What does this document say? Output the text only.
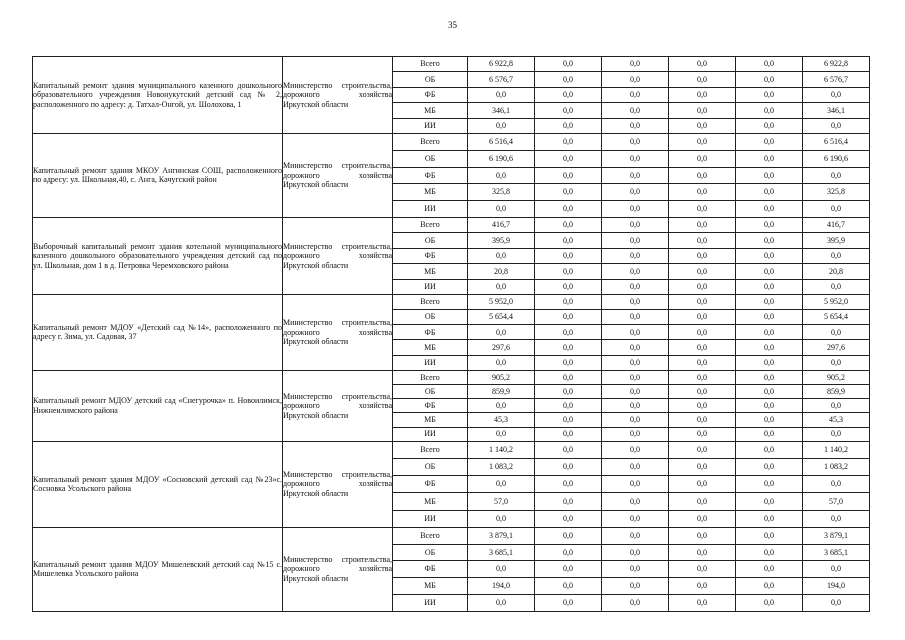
35
Капитальный ремонт здания муниципального казенного дошкольного образовательного учреждения Новонукутский детский сад № 2, расположенного по адресу: д. Татхал-Онгой, ул. Шолохова, 1	Министерство строительства, дорожного хозяйства Иркутской области	Всего	6 922,8	0,0	0,0	0,0	0,0	6 922,8
		ОБ	6 576,7	0,0	0,0	0,0	0,0	6 576,7
		ФБ	0,0	0,0	0,0	0,0	0,0	0,0
		МБ	346,1	0,0	0,0	0,0	0,0	346,1
		ИИ	0,0	0,0	0,0	0,0	0,0	0,0
Капитальный ремонт здания МКОУ Ангинская СОШ, расположенного по адресу: ул. Школьная,40, с. Анга, Качугский район	Министерство строительства, дорожного хозяйства Иркутской области	Всего	6 516,4	0,0	0,0	0,0	0,0	6 516,4
		ОБ	6 190,6	0,0	0,0	0,0	0,0	6 190,6
		ФБ	0,0	0,0	0,0	0,0	0,0	0,0
		МБ	325,8	0,0	0,0	0,0	0,0	325,8
		ИИ	0,0	0,0	0,0	0,0	0,0	0,0
Выборочный капитальный ремонт здания котельной муниципального казенного дошкольного образовательного учреждения детский сад по ул. Школьная, дом 1 в д. Петровка Черемховского района	Министерство строительства, дорожного хозяйства Иркутской области	Всего	416,7	0,0	0,0	0,0	0,0	416,7
		ОБ	395,9	0,0	0,0	0,0	0,0	395,9
		ФБ	0,0	0,0	0,0	0,0	0,0	0,0
		МБ	20,8	0,0	0,0	0,0	0,0	20,8
		ИИ	0,0	0,0	0,0	0,0	0,0	0,0
Капитальный ремонт МДОУ «Детский сад №14», расположенного по адресу г. Зима, ул. Садовая, 37	Министерство строительства, дорожного хозяйства Иркутской области	Всего	5 952,0	0,0	0,0	0,0	0,0	5 952,0
		ОБ	5 654,4	0,0	0,0	0,0	0,0	5 654,4
		ФБ	0,0	0,0	0,0	0,0	0,0	0,0
		МБ	297,6	0,0	0,0	0,0	0,0	297,6
		ИИ	0,0	0,0	0,0	0,0	0,0	0,0
Капитальный ремонт МДОУ детский сад «Снегурочка» п. Новоилимск, Нижнеилимского района	Министерство строительства, дорожного хозяйства Иркутской области	Всего	905,2	0,0	0,0	0,0	0,0	905,2
		ОБ	859,9	0,0	0,0	0,0	0,0	859,9
		ФБ	0,0	0,0	0,0	0,0	0,0	0,0
		МБ	45,3	0,0	0,0	0,0	0,0	45,3
		ИИ	0,0	0,0	0,0	0,0	0,0	0,0
Капитальный ремонт здания МДОУ «Сосновский детский сад №23»с. Сосновка Усольского района	Министерство строительства, дорожного хозяйства Иркутской области	Всего	1 140,2	0,0	0,0	0,0	0,0	1 140,2
		ОБ	1 083,2	0,0	0,0	0,0	0,0	1 083,2
		ФБ	0,0	0,0	0,0	0,0	0,0	0,0
		МБ	57,0	0,0	0,0	0,0	0,0	57,0
		ИИ	0,0	0,0	0,0	0,0	0,0	0,0
Капитальный ремонт здания МДОУ Мишелевский детский сад №15 с. Мишелевка Усольского района	Министерство строительства, дорожного хозяйства Иркутской области	Всего	3 879,1	0,0	0,0	0,0	0,0	3 879,1
		ОБ	3 685,1	0,0	0,0	0,0	0,0	3 685,1
		ФБ	0,0	0,0	0,0	0,0	0,0	0,0
		МБ	194,0	0,0	0,0	0,0	0,0	194,0
		ИИ	0,0	0,0	0,0	0,0	0,0	0,0
